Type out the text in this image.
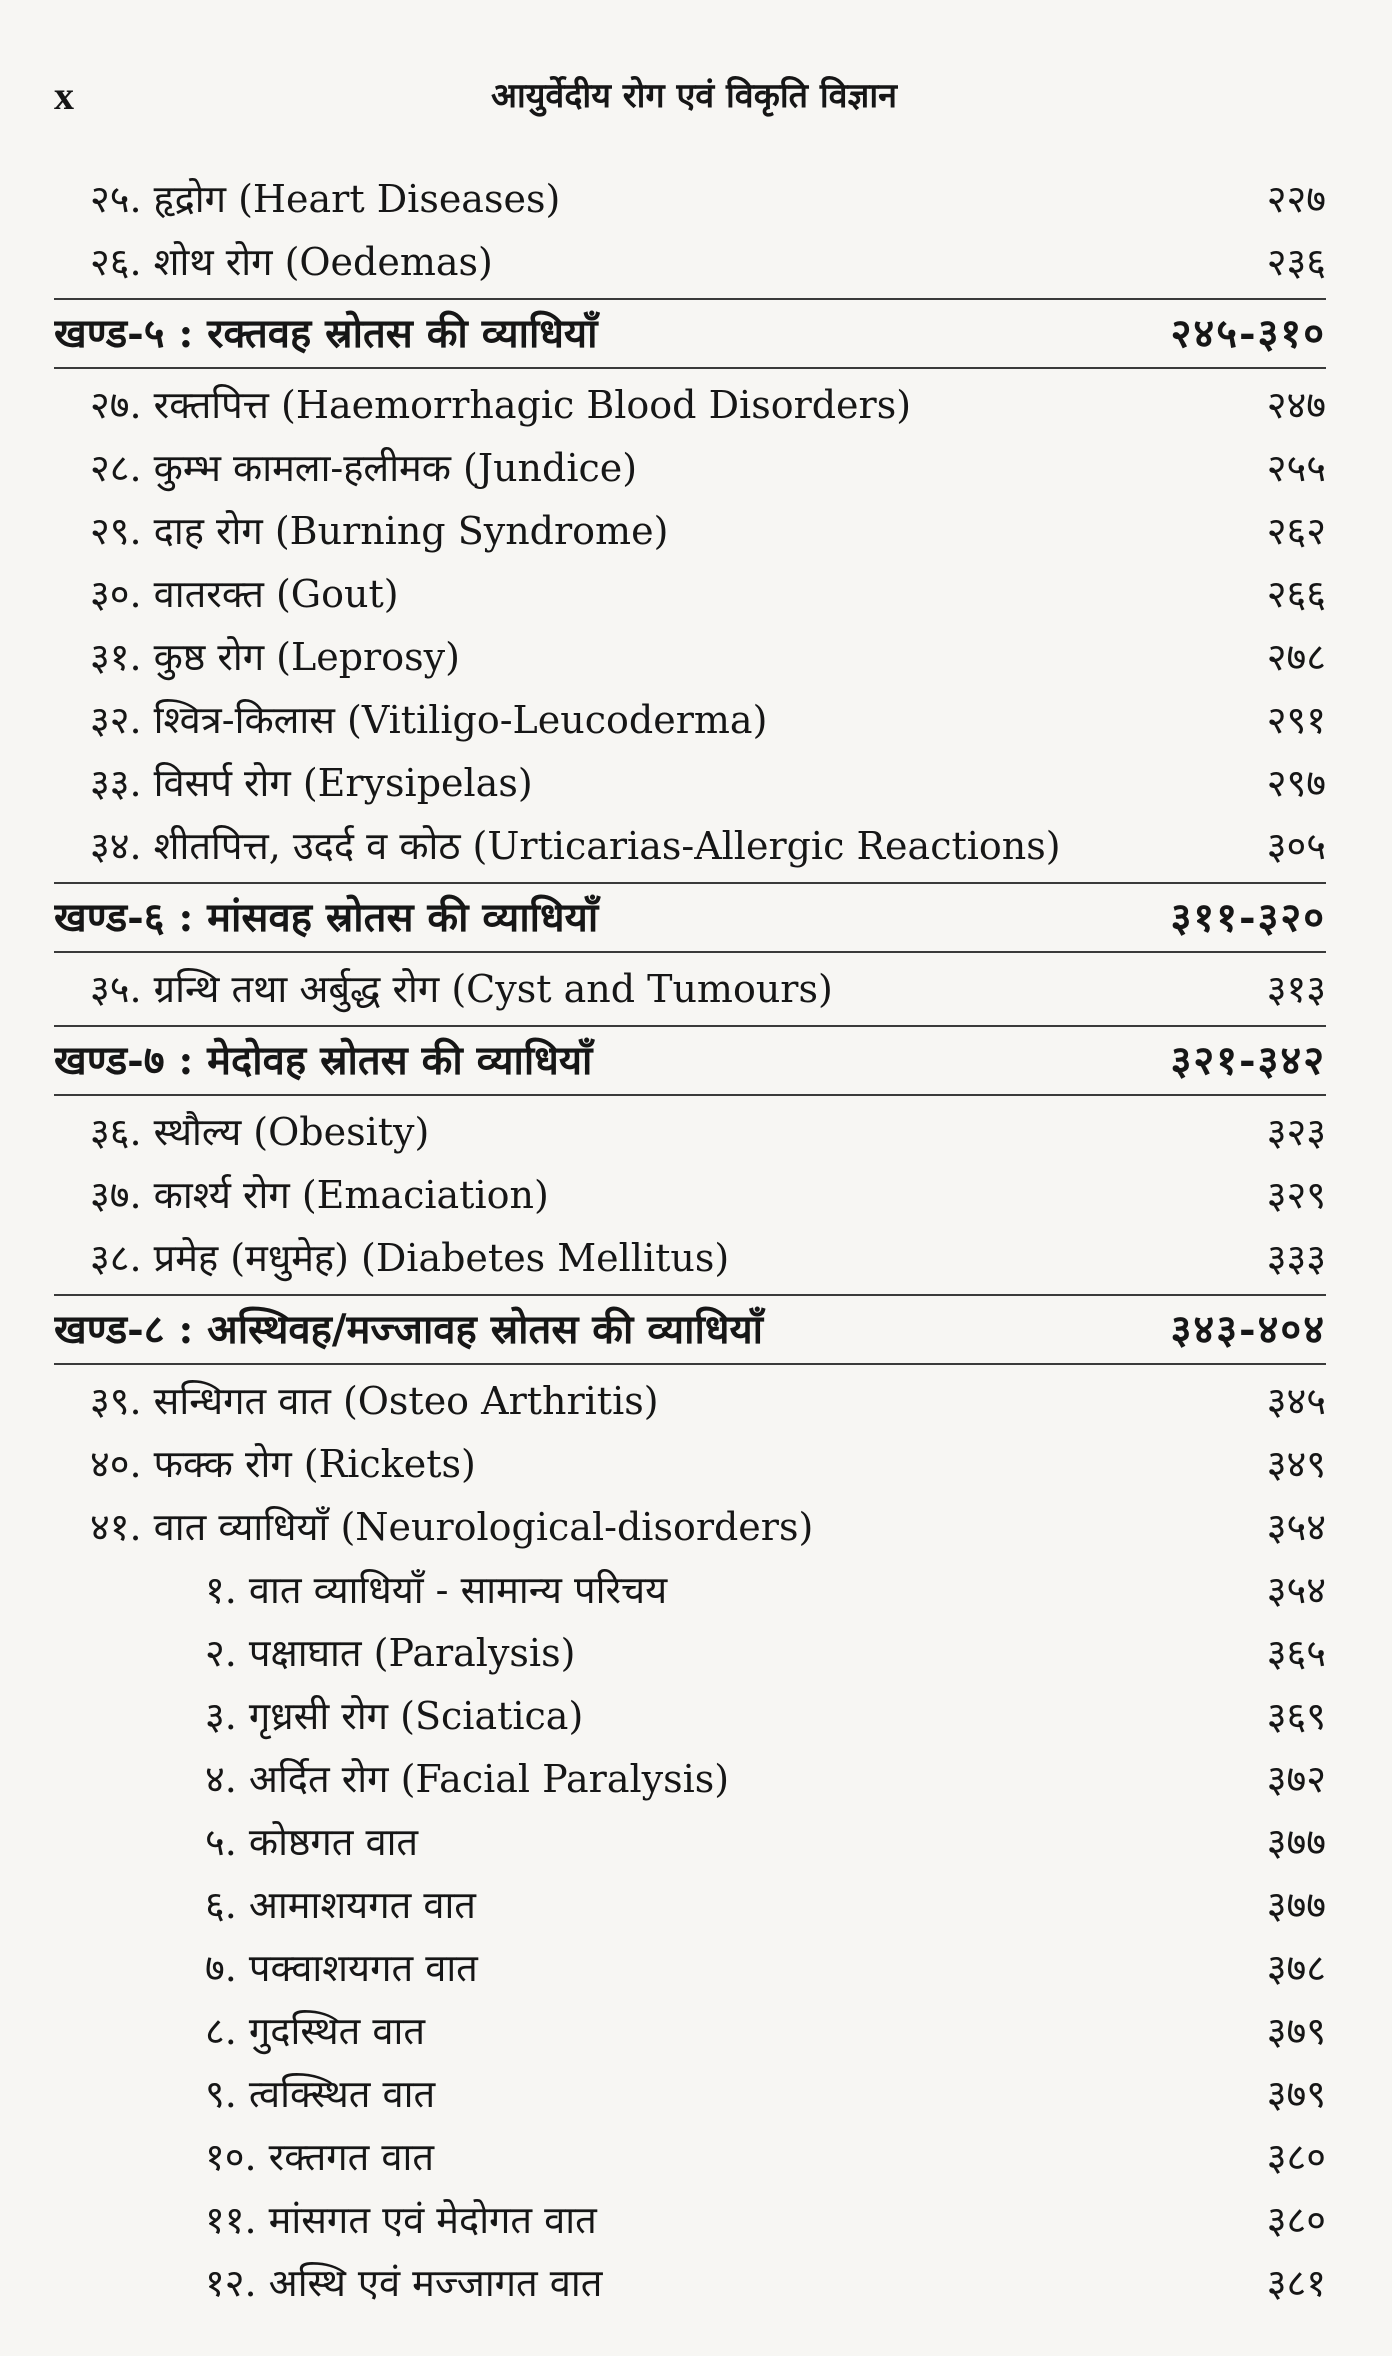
x	आयुर्वेदीय रोग एवं विकृति विज्ञान
२५. हृद्रोग (Heart Diseases)	२२७
२६. शोथ रोग (Oedemas)	२३६
खण्ड-५ : रक्तवह स्रोतस की व्याधियाँ	२४५-३१०
२७. रक्तपित्त (Haemorrhagic Blood Disorders)	२४७
२८. कुम्भ कामला-हलीमक (Jundice)	२५५
२९. दाह रोग (Burning Syndrome)	२६२
३०. वातरक्त (Gout)	२६६
३१. कुष्ठ रोग (Leprosy)	२७८
३२. श्वित्र-किलास (Vitiligo-Leucoderma)	२९१
३३. विसर्प रोग (Erysipelas)	२९७
३४. शीतपित्त, उदर्द व कोठ (Urticarias-Allergic Reactions)	३०५
खण्ड-६ : मांसवह स्रोतस की व्याधियाँ	३११-३२०
३५. ग्रन्थि तथा अर्बुद्ध रोग (Cyst and Tumours)	३१३
खण्ड-७ : मेदोवह स्रोतस की व्याधियाँ	३२१-३४२
३६. स्थौल्य (Obesity)	३२३
३७. कार्श्य रोग (Emaciation)	३२९
३८. प्रमेह (मधुमेह) (Diabetes Mellitus)	३३३
खण्ड-८ : अस्थिवह/मज्जावह स्रोतस की व्याधियाँ	३४३-४०४
३९. सन्धिगत वात (Osteo Arthritis)	३४५
४०. फक्क रोग (Rickets)	३४९
४१. वात व्याधियाँ (Neurological-disorders)	३५४
१. वात व्याधियाँ - सामान्य परिचय	३५४
२. पक्षाघात (Paralysis)	३६५
३. गृध्रसी रोग (Sciatica)	३६९
४. अर्दित रोग (Facial Paralysis)	३७२
५. कोष्ठगत वात	३७७
६. आमाशयगत वात	३७७
७. पक्वाशयगत वात	३७८
८. गुदस्थित वात	३७९
९. त्वक्स्थित वात	३७९
१०. रक्तगत वात	३८०
११. मांसगत एवं मेदोगत वात	३८०
१२. अस्थि एवं मज्जागत वात	३८१
